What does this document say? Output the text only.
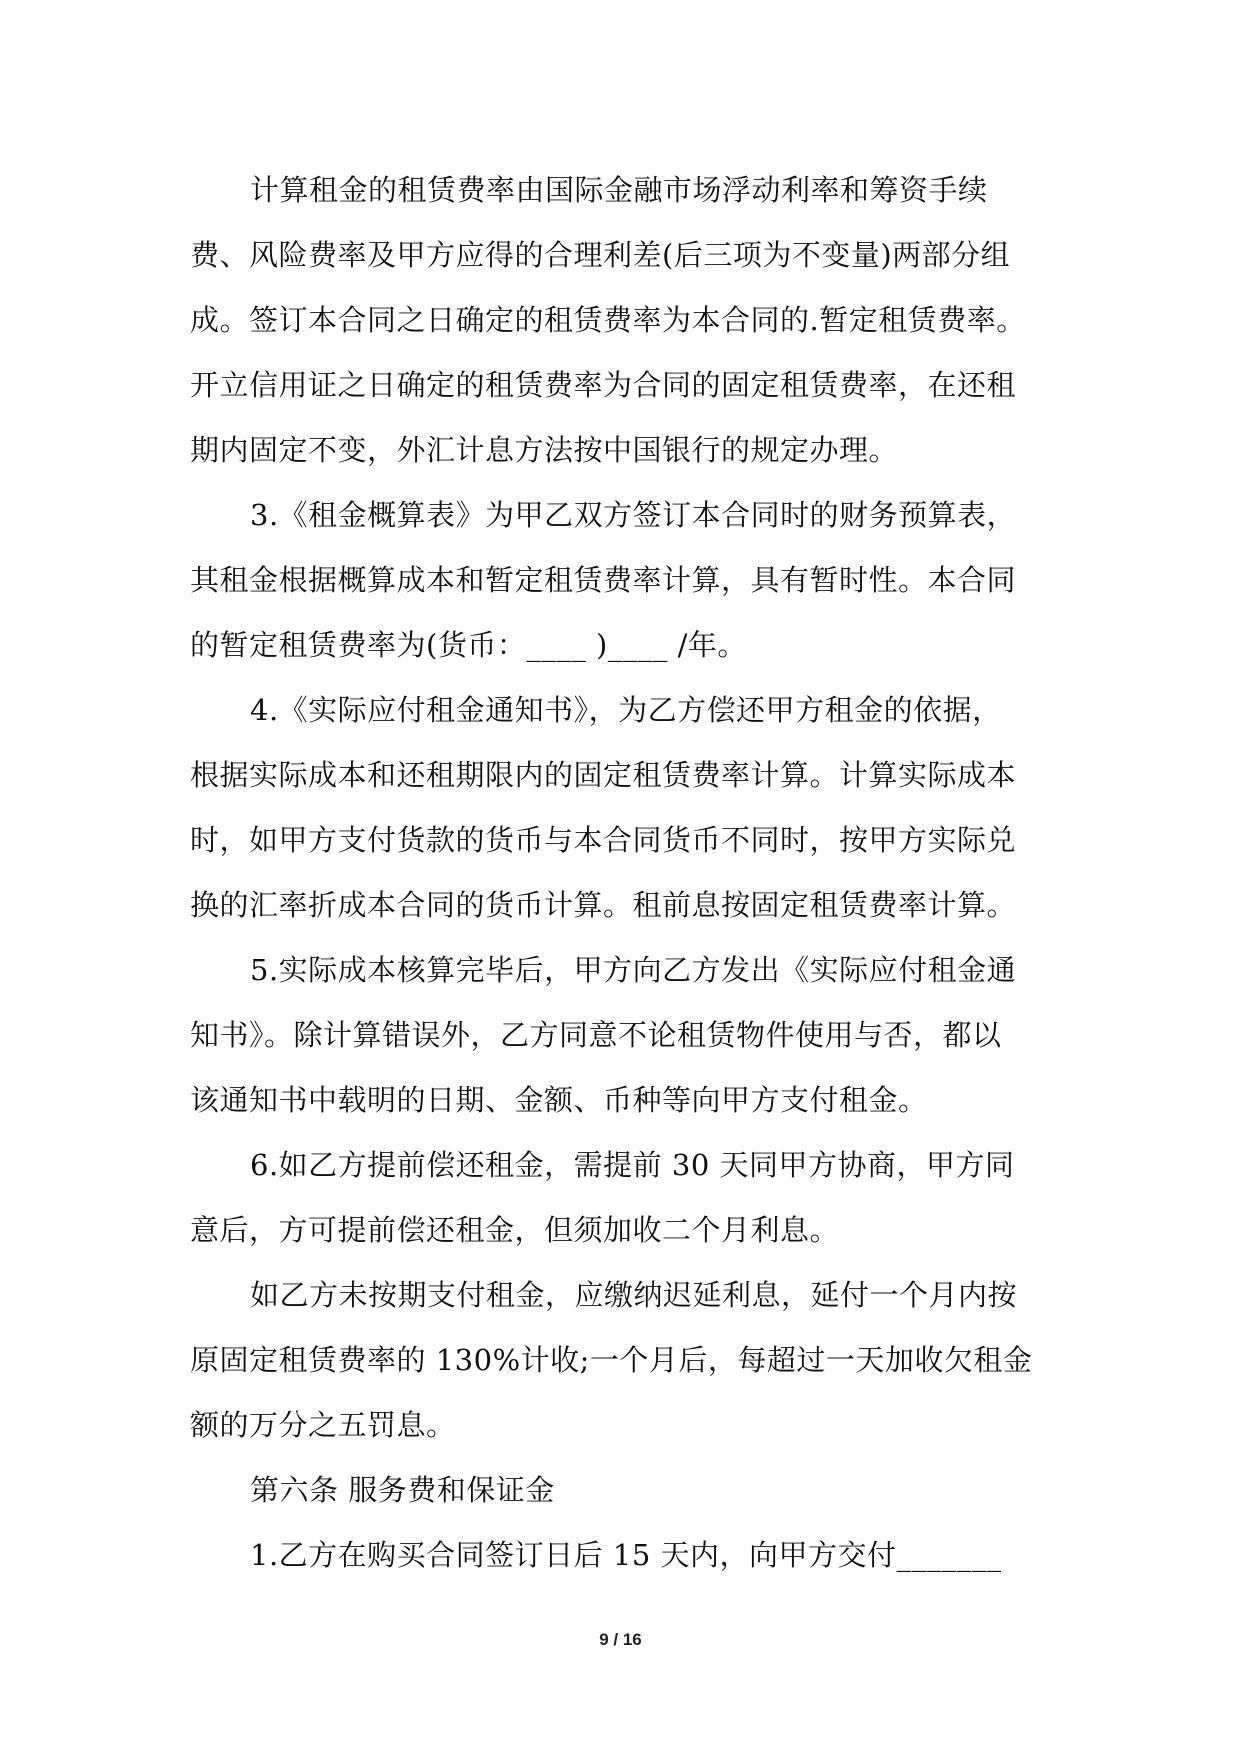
计算租金的租赁费率由国际金融市场浮动利率和筹资手续
费、风险费率及甲方应得的合理利差(后三项为不变量)两部分组
成。签订本合同之日确定的租赁费率为本合同的.暂定租赁费率。
开立信用证之日确定的租赁费率为合同的固定租赁费率，在还租
期内固定不变，外汇计息方法按中国银行的规定办理。

3.《租金概算表》为甲乙双方签订本合同时的财务预算表，
其租金根据概算成本和暂定租赁费率计算，具有暂时性。本合同
的暂定租赁费率为(货币：____ )____ /年。

4.《实际应付租金通知书》，为乙方偿还甲方租金的依据，
根据实际成本和还租期限内的固定租赁费率计算。计算实际成本
时，如甲方支付货款的货币与本合同货币不同时，按甲方实际兑
换的汇率折成本合同的货币计算。租前息按固定租赁费率计算。

5.实际成本核算完毕后，甲方向乙方发出《实际应付租金通
知书》。除计算错误外，乙方同意不论租赁物件使用与否，都以
该通知书中载明的日期、金额、币种等向甲方支付租金。

6.如乙方提前偿还租金，需提前 30 天同甲方协商，甲方同
意后，方可提前偿还租金，但须加收二个月利息。

如乙方未按期支付租金，应缴纳迟延利息，延付一个月内按
原固定租赁费率的 130%计收;一个月后，每超过一天加收欠租金
额的万分之五罚息。

第六条 服务费和保证金

1.乙方在购买合同签订日后 15 天内，向甲方交付_______

9 / 16
